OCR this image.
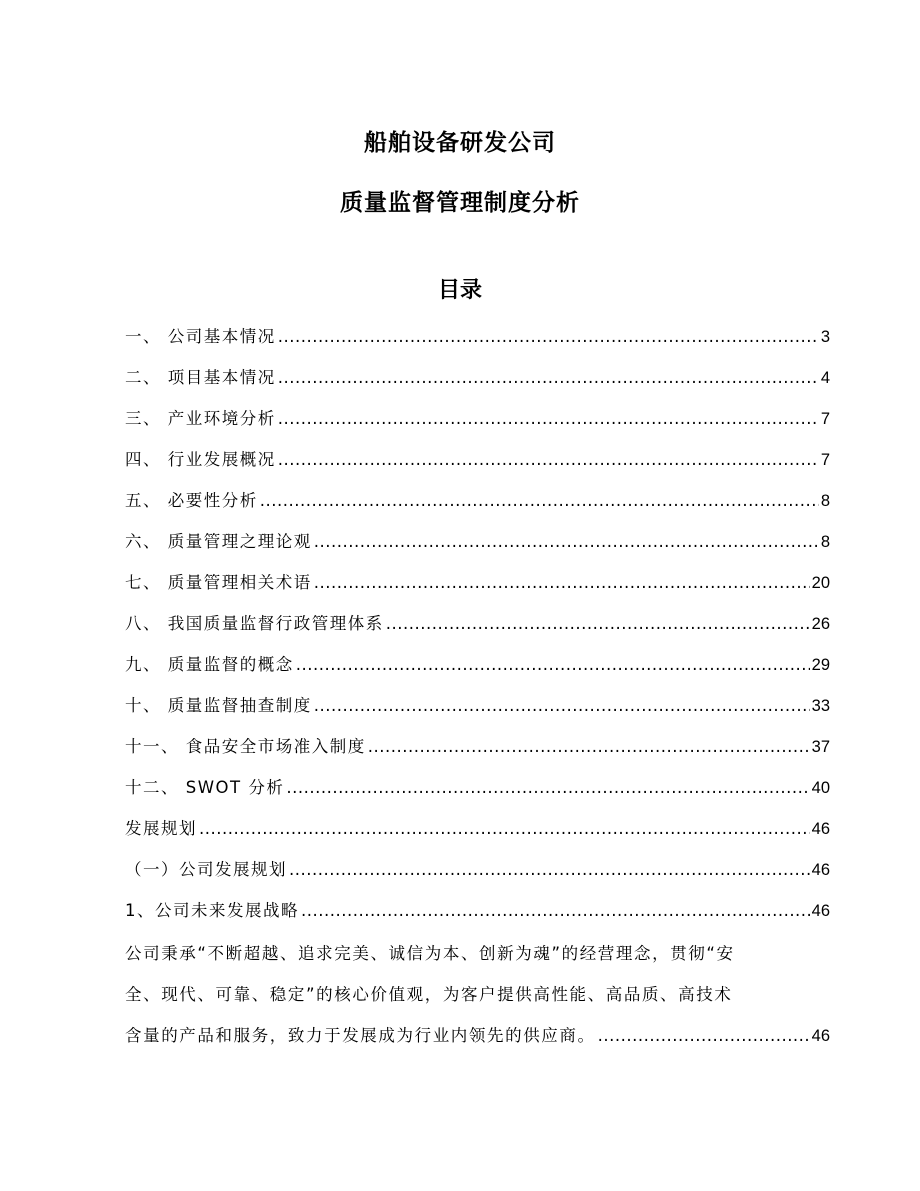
船舶设备研发公司
质量监督管理制度分析
目录
一、 公司基本情况 .....	3
二、 项目基本情况 .....	4
三、 产业环境分析 .....	7
四、 行业发展概况 .....	7
五、 必要性分析 .....	8
六、 质量管理之理论观 .....	8
七、 质量管理相关术语 .....	20
八、 我国质量监督行政管理体系 .....	26
九、 质量监督的概念 .....	29
十、 质量监督抽查制度 .....	33
十一、 食品安全市场准入制度 .....	37
十二、 SWOT 分析 .....	40
发展规划 .....	46
（一）公司发展规划 .....	46
1、公司未来发展战略 .....	46
公司秉承“不断超越、追求完美、诚信为本、创新为魂”的经营理念，贯彻“安
全、现代、可靠、稳定”的核心价值观，为客户提供高性能、高品质、高技术
含量的产品和服务，致力于发展成为行业内领先的供应商。 .....	46
